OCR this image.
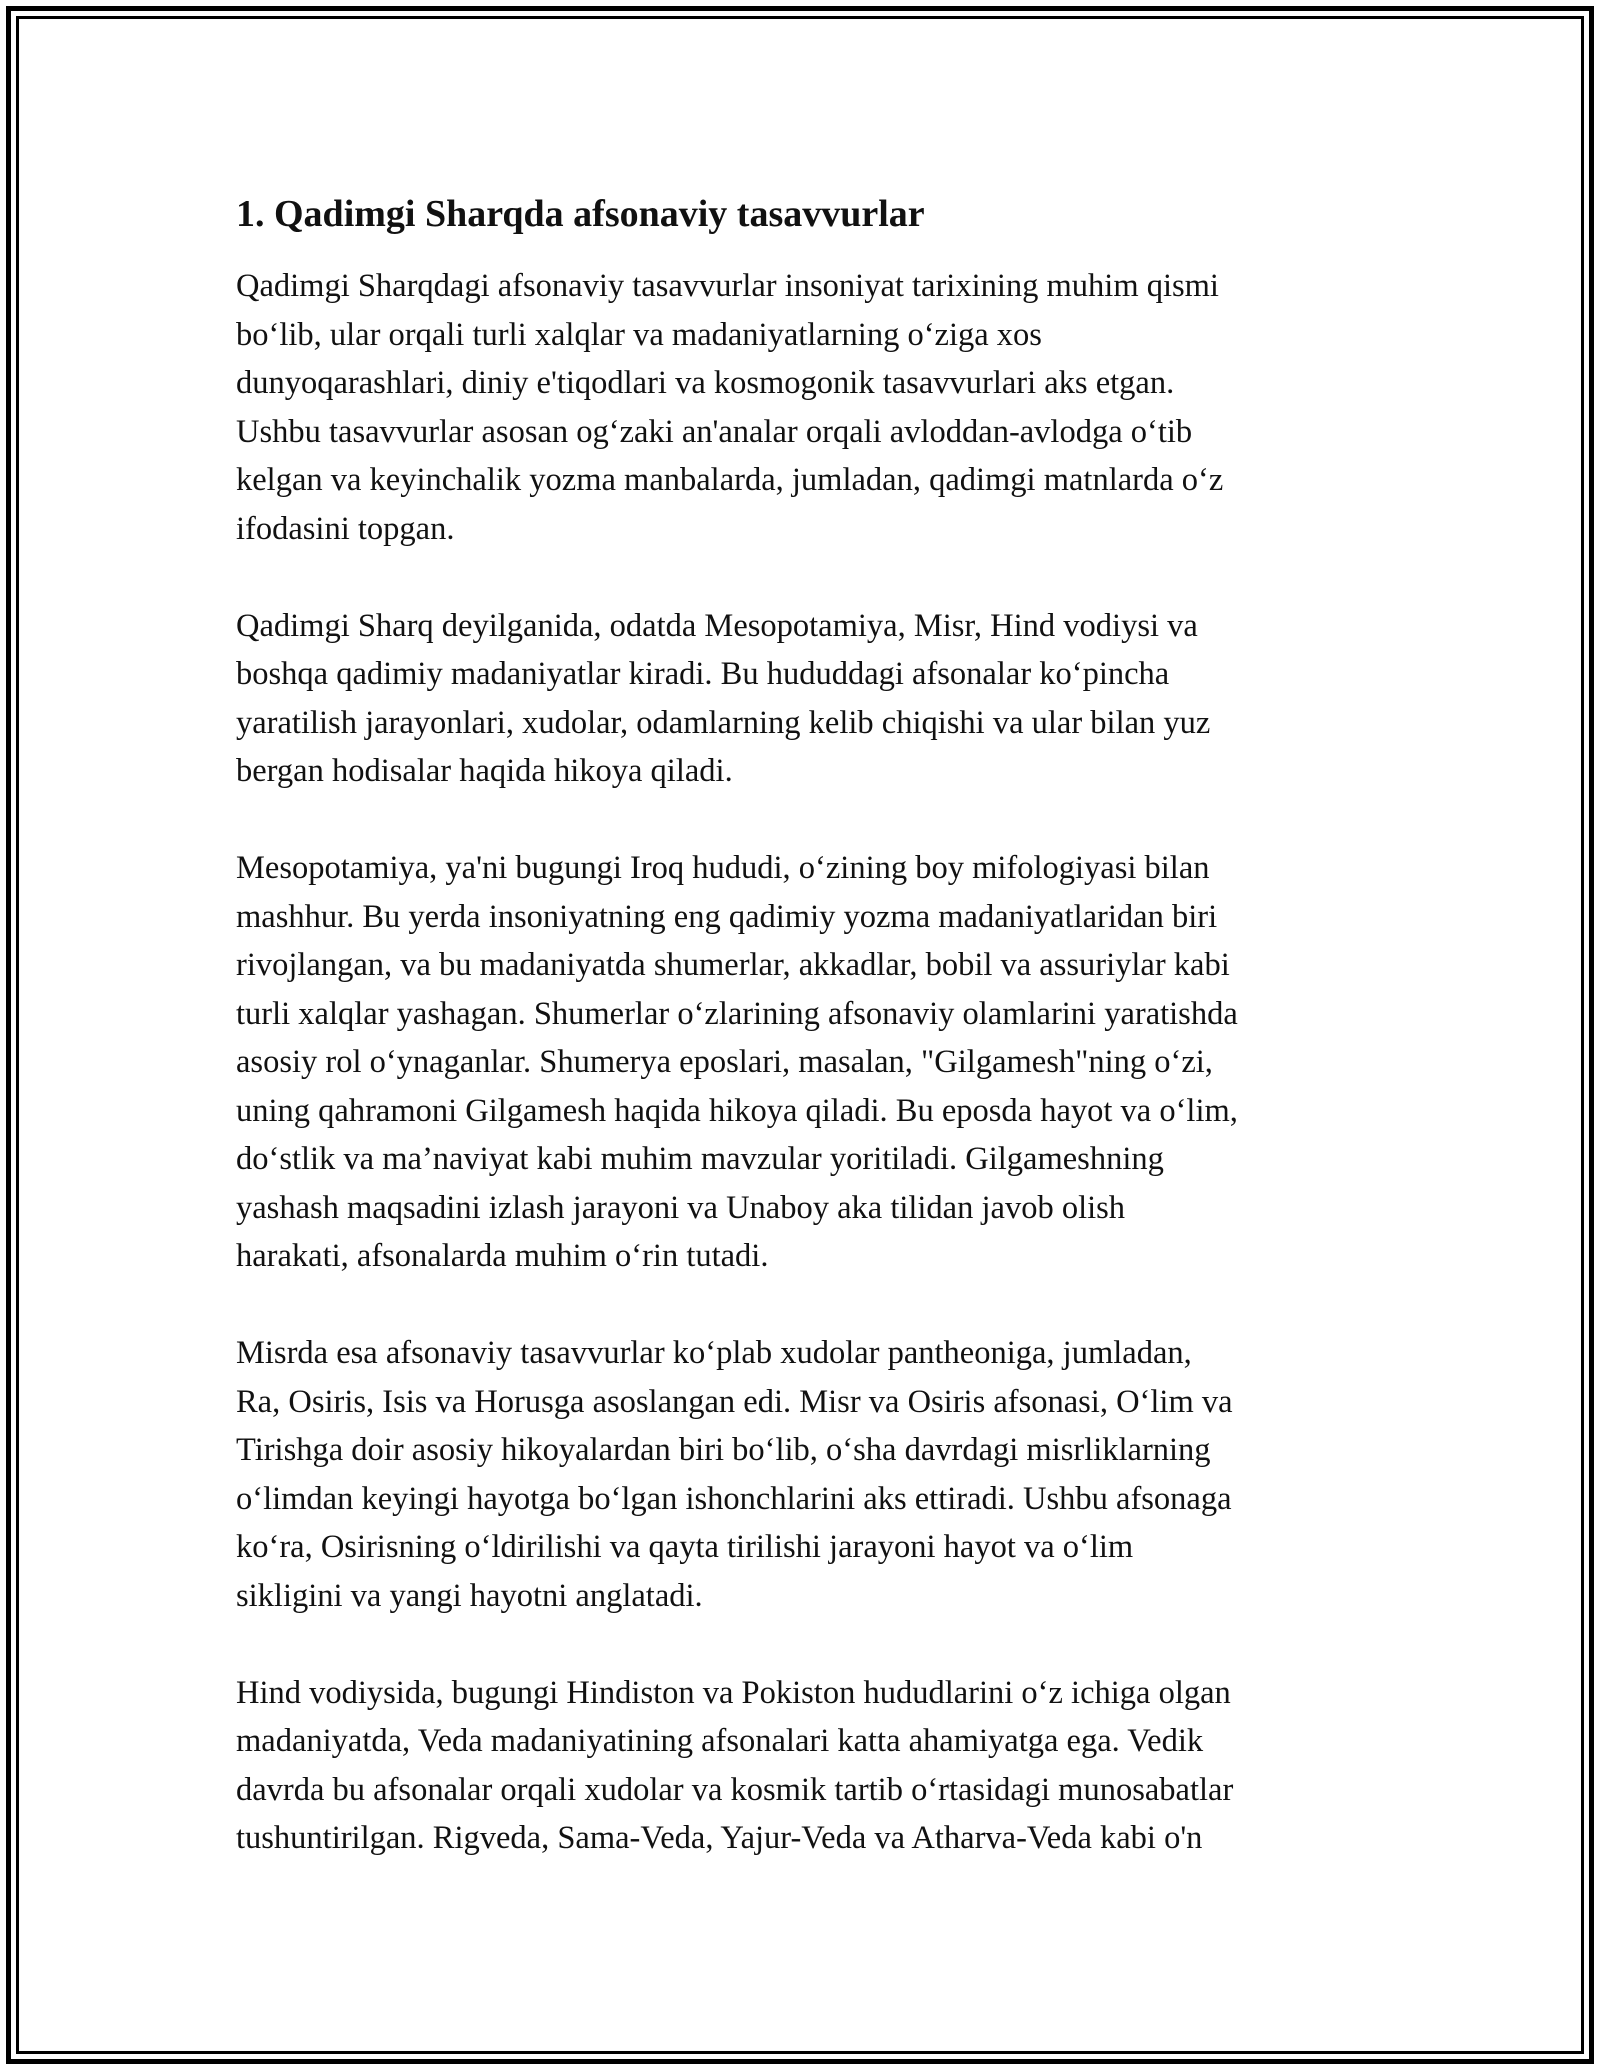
1. Qadimgi Sharqda afsonaviy tasavvurlar

Qadimgi Sharqdagi afsonaviy tasavvurlar insoniyat tarixining muhim qismi
bo‘lib, ular orqali turli xalqlar va madaniyatlarning o‘ziga xos
dunyoqarashlari, diniy e'tiqodlari va kosmogonik tasavvurlari aks etgan.
Ushbu tasavvurlar asosan og‘zaki an'analar orqali avloddan-avlodga o‘tib
kelgan va keyinchalik yozma manbalarda, jumladan, qadimgi matnlarda o‘z
ifodasini topgan.

Qadimgi Sharq deyilganida, odatda Mesopotamiya, Misr, Hind vodiysi va
boshqa qadimiy madaniyatlar kiradi. Bu hududdagi afsonalar ko‘pincha
yaratilish jarayonlari, xudolar, odamlarning kelib chiqishi va ular bilan yuz
bergan hodisalar haqida hikoya qiladi.

Mesopotamiya, ya'ni bugungi Iroq hududi, o‘zining boy mifologiyasi bilan
mashhur. Bu yerda insoniyatning eng qadimiy yozma madaniyatlaridan biri
rivojlangan, va bu madaniyatda shumerlar, akkadlar, bobil va assuriylar kabi
turli xalqlar yashagan. Shumerlar o‘zlarining afsonaviy olamlarini yaratishda
asosiy rol o‘ynaganlar. Shumerya eposlari, masalan, "Gilgamesh"ning o‘zi,
uning qahramoni Gilgamesh haqida hikoya qiladi. Bu eposda hayot va o‘lim,
do‘stlik va ma’naviyat kabi muhim mavzular yoritiladi. Gilgameshning
yashash maqsadini izlash jarayoni va Unaboy aka tilidan javob olish
harakati, afsonalarda muhim o‘rin tutadi.

Misrda esa afsonaviy tasavvurlar ko‘plab xudolar pantheoniga, jumladan,
Ra, Osiris, Isis va Horusga asoslangan edi. Misr va Osiris afsonasi, O‘lim va
Tirishga doir asosiy hikoyalardan biri bo‘lib, o‘sha davrdagi misrliklarning
o‘limdan keyingi hayotga bo‘lgan ishonchlarini aks ettiradi. Ushbu afsonaga
ko‘ra, Osirisning o‘ldirilishi va qayta tirilishi jarayoni hayot va o‘lim
sikligini va yangi hayotni anglatadi.

Hind vodiysida, bugungi Hindiston va Pokiston hududlarini o‘z ichiga olgan
madaniyatda, Veda madaniyatining afsonalari katta ahamiyatga ega. Vedik
davrda bu afsonalar orqali xudolar va kosmik tartib o‘rtasidagi munosabatlar
tushuntirilgan. Rigveda, Sama-Veda, Yajur-Veda va Atharva-Veda kabi o'n
